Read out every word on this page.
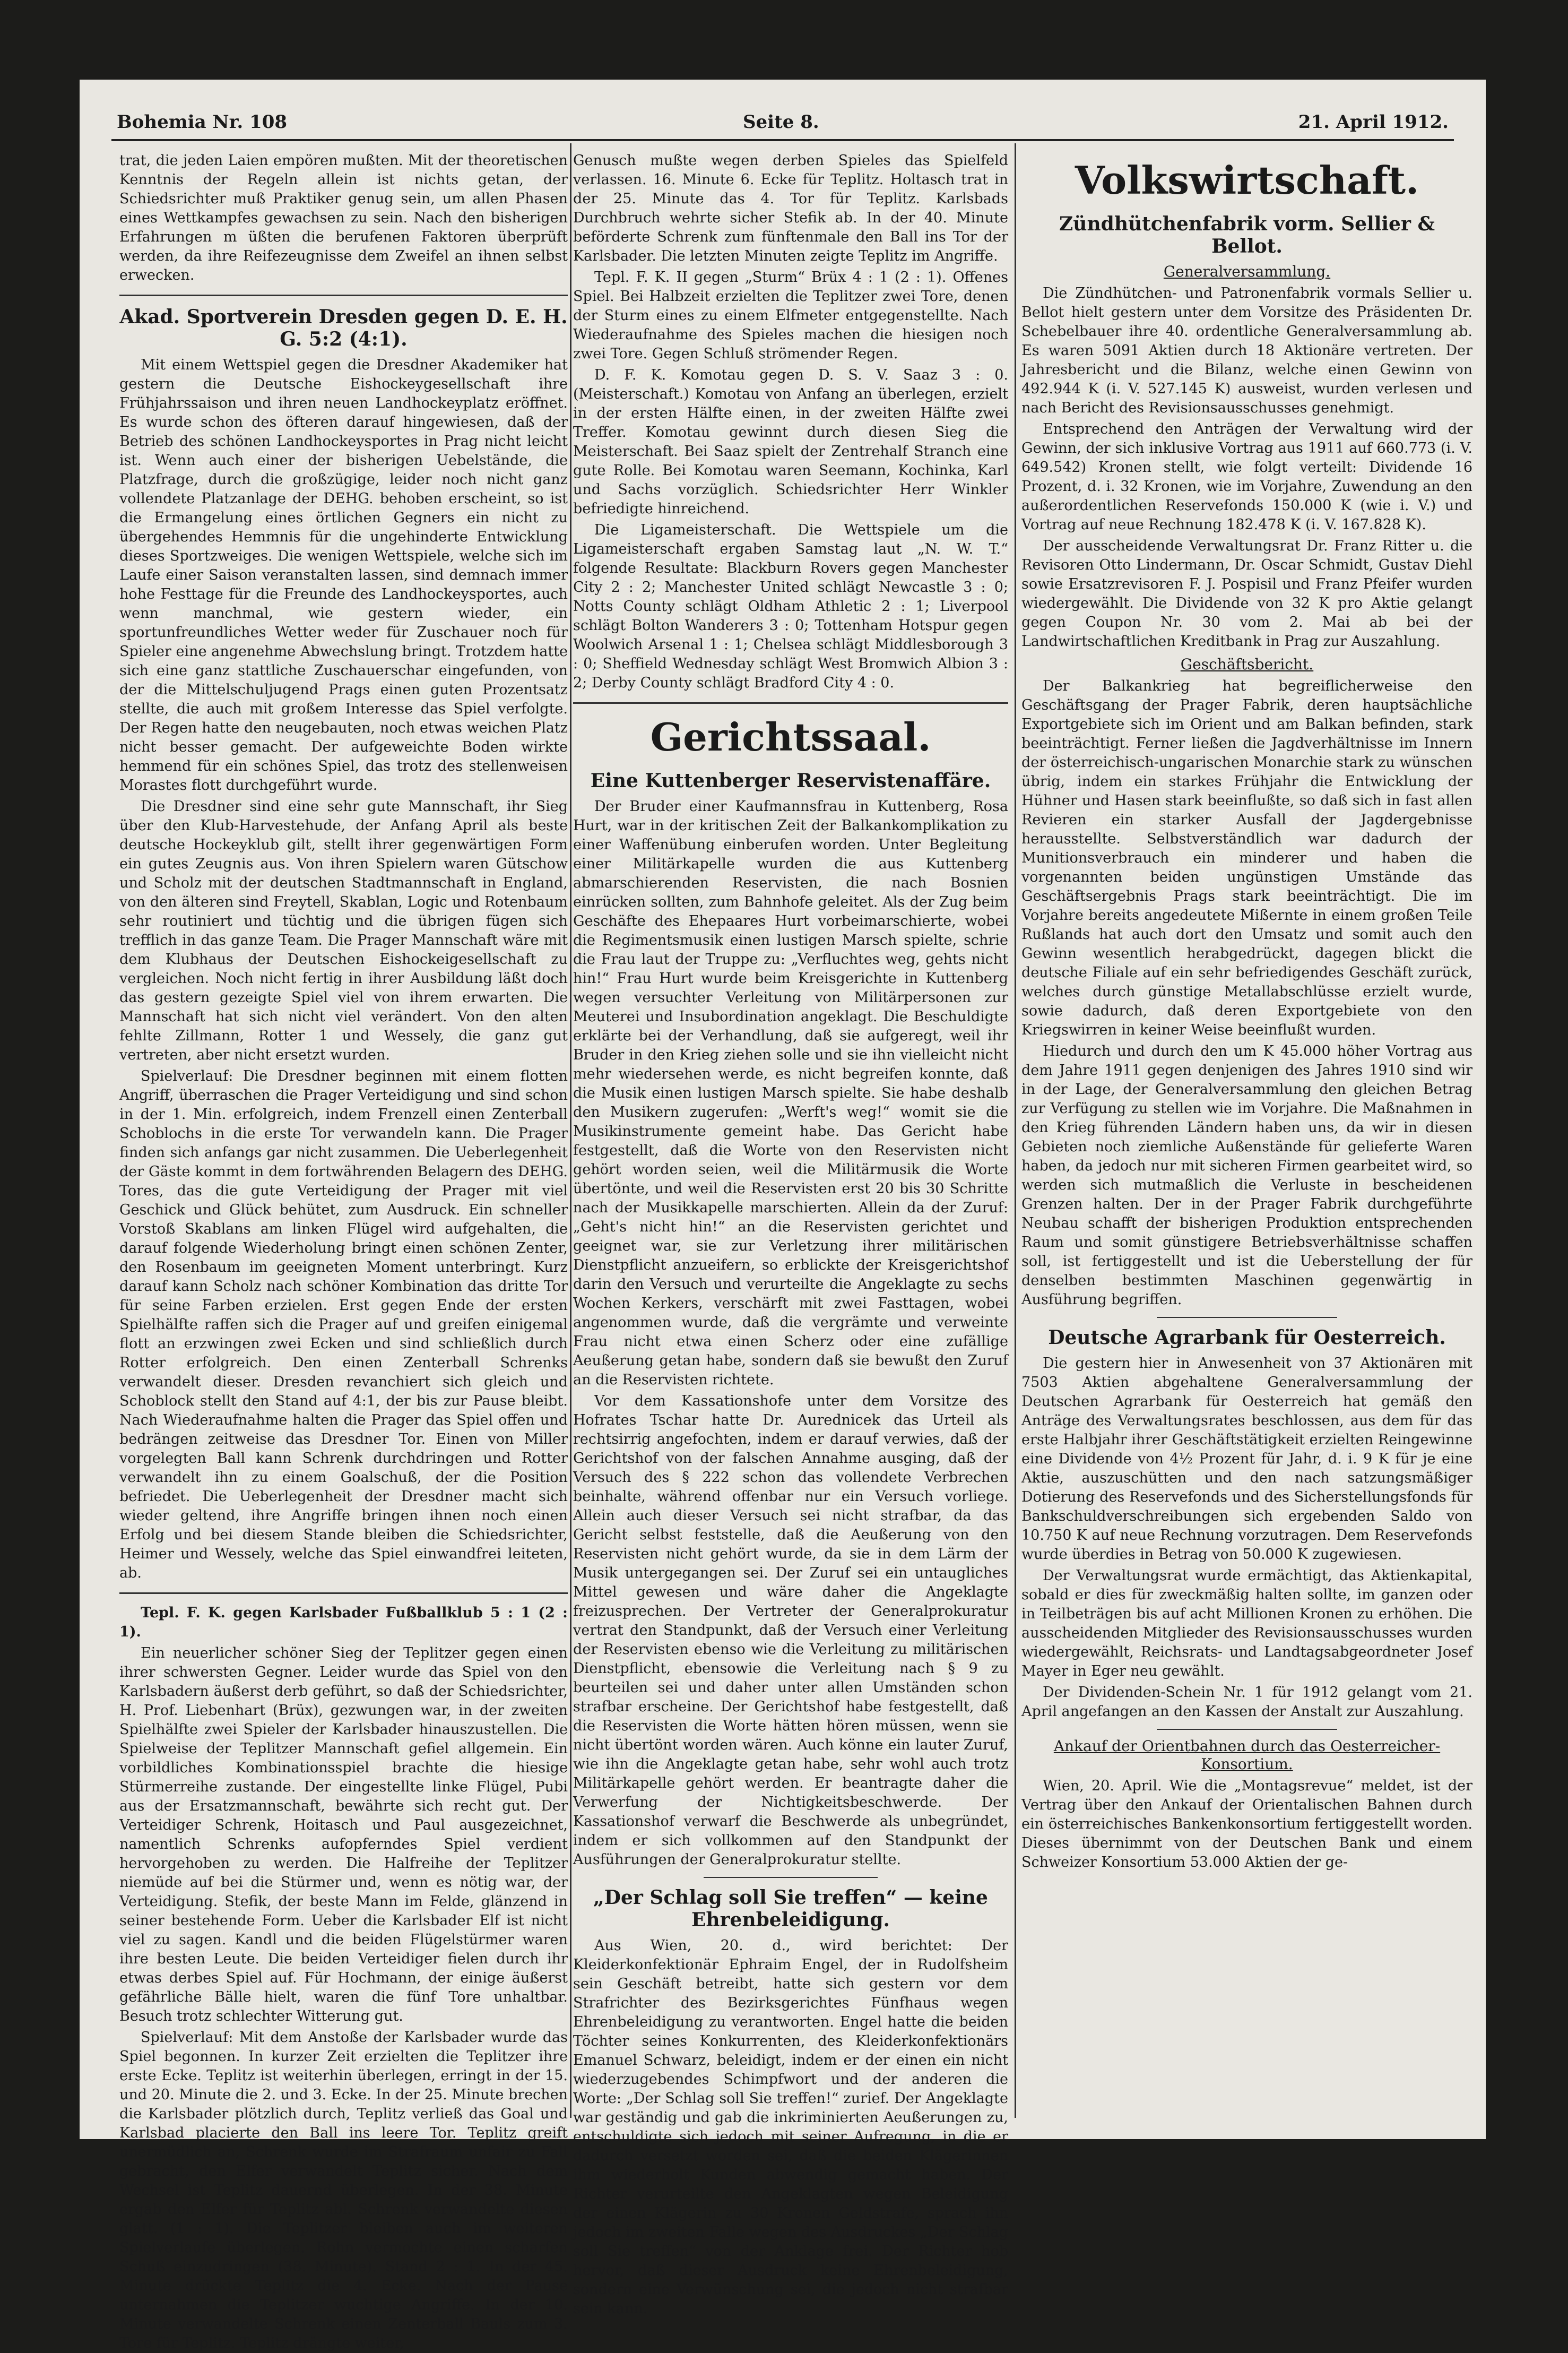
Bohemia Nr. 108	Seite 8.	21. April 1912.

trat, die jeden Laien empören mußten. Mit der theoretischen Kenntnis der Regeln allein ist nichts getan, der Schiedsrichter muß Praktiker genug sein, um allen Phasen eines Wettkampfes gewachsen zu sein. Nach den bisherigen Erfahrungen m üßten die berufenen Faktoren überprüft werden, da ihre Reifezeugnisse dem Zweifel an ihnen selbst erwecken.

Akad. Sportverein Dresden gegen D. E. H. G. 5:2 (4:1).

Mit einem Wettspiel gegen die Dresdner Akademiker hat gestern die Deutsche Eishockeygesellschaft ihre Frühjahrssaison und ihren neuen Landhockeyplatz eröffnet. Es wurde schon des öfteren darauf hingewiesen, daß der Betrieb des schönen Landhockeysportes in Prag nicht leicht ist. Wenn auch einer der bisherigen Uebelstände, die Platzfrage, durch die großzügige, leider noch nicht ganz vollendete Platzanlage der DEHG. behoben erscheint, so ist die Ermangelung eines örtlichen Gegners ein nicht zu übergehendes Hemmnis für die ungehinderte Entwicklung dieses Sportzweiges. Die wenigen Wettspiele, welche sich im Laufe einer Saison veranstalten lassen, sind demnach immer hohe Festtage für die Freunde des Landhockeysportes, auch wenn manchmal, wie gestern wieder, ein sportunfreundliches Wetter weder für Zuschauer noch für Spieler eine angenehme Abwechslung bringt. Trotzdem hatte sich eine ganz stattliche Zuschauerschar eingefunden, von der die Mittelschuljugend Prags einen guten Prozentsatz stellte, die auch mit großem Interesse das Spiel verfolgte. Der Regen hatte den neugebauten, noch etwas weichen Platz nicht besser gemacht. Der aufgeweichte Boden wirkte hemmend für ein schönes Spiel, das trotz des stellenweisen Morastes flott durchgeführt wurde.

Die Dresdner sind eine sehr gute Mannschaft, ihr Sieg über den Klub-Harvestehude, der Anfang April als beste deutsche Hockeyklub gilt, stellt ihrer gegenwärtigen Form ein gutes Zeugnis aus. Von ihren Spielern waren Gütschow und Scholz mit der deutschen Stadtmannschaft in England, von den älteren sind Freytell, Skablan, Logic und Rotenbaum sehr routiniert und tüchtig und die übrigen fügen sich trefflich in das ganze Team. Die Prager Mannschaft wäre mit dem Klubhaus der Deutschen Eishockeigesellschaft zu vergleichen. Noch nicht fertig in ihrer Ausbildung läßt doch das gestern gezeigte Spiel viel von ihrem erwarten. Die Mannschaft hat sich nicht viel verändert. Von den alten fehlte Zillmann, Rotter 1 und Wessely, die ganz gut vertreten, aber nicht ersetzt wurden.

Spielverlauf: Die Dresdner beginnen mit einem flotten Angriff, überraschen die Prager Verteidigung und sind schon in der 1. Min. erfolgreich, indem Frenzell einen Zenterball Schoblochs in die erste Tor verwandeln kann. Die Prager finden sich anfangs gar nicht zusammen. Die Ueberlegenheit der Gäste kommt in dem fortwährenden Belagern des DEHG. Tores, das die gute Verteidigung der Prager mit viel Geschick und Glück behütet, zum Ausdruck. Ein schneller Vorstoß Skablans am linken Flügel wird aufgehalten, die darauf folgende Wiederholung bringt einen schönen Zenter, den Rosenbaum im geeigneten Moment unterbringt. Kurz darauf kann Scholz nach schöner Kombination das dritte Tor für seine Farben erzielen. Erst gegen Ende der ersten Spielhälfte raffen sich die Prager auf und greifen einigemal flott an erzwingen zwei Ecken und sind schließlich durch Rotter erfolgreich. Den einen Zenterball Schrenks verwandelt dieser. Dresden revanchiert sich gleich und Schoblock stellt den Stand auf 4:1, der bis zur Pause bleibt. Nach Wiederaufnahme halten die Prager das Spiel offen und bedrängen zeitweise das Dresdner Tor. Einen von Miller vorgelegten Ball kann Schrenk durchdringen und Rotter verwandelt ihn zu einem Goalschuß, der die Position befriedet. Die Ueberlegenheit der Dresdner macht sich wieder geltend, ihre Angriffe bringen ihnen noch einen Erfolg und bei diesem Stande bleiben die Schiedsrichter, Heimer und Wessely, welche das Spiel einwandfrei leiteten, ab.

Tepl. F. K. gegen Karlsbader Fußballklub 5 : 1 (2 : 1).

Ein neuerlicher schöner Sieg der Teplitzer gegen einen ihrer schwersten Gegner. Leider wurde das Spiel von den Karlsbadern äußerst derb geführt, so daß der Schiedsrichter, H. Prof. Liebenhart (Brüx), gezwungen war, in der zweiten Spielhälfte zwei Spieler der Karlsbader hinauszustellen. Die Spielweise der Teplitzer Mannschaft gefiel allgemein. Ein vorbildliches Kombinationsspiel brachte die hiesige Stürmerreihe zustande. Der eingestellte linke Flügel, Pubi aus der Ersatzmannschaft, bewährte sich recht gut. Der Verteidiger Schrenk, Hoitasch und Paul ausgezeichnet, namentlich Schrenks aufopferndes Spiel verdient hervorgehoben zu werden. Die Halfreihe der Teplitzer niemüde auf bei die Stürmer und, wenn es nötig war, der Verteidigung. Stefik, der beste Mann im Felde, glänzend in seiner bestehende Form. Ueber die Karlsbader Elf ist nicht viel zu sagen. Kandl und die beiden Flügelstürmer waren ihre besten Leute. Die beiden Verteidiger fielen durch ihr etwas derbes Spiel auf. Für Hochmann, der einige äußerst gefährliche Bälle hielt, waren die fünf Tore unhaltbar. Besuch trotz schlechter Witterung gut.

Spielverlauf: Mit dem Anstoße der Karlsbader wurde das Spiel begonnen. In kurzer Zeit erzielten die Teplitzer ihre erste Ecke. Teplitz ist weiterhin überlegen, erringt in der 15. und 20. Minute die 2. und 3. Ecke. In der 25. Minute brechen die Karlsbader plötzlich durch, Teplitz verließ das Goal und Karlsbad placierte den Ball ins leere Tor. Teplitz greift unermüdlich an, Schrenk wurde im Strafraum unfair zu Fall gebracht, den Elfer verwandelt Teplitz sicher. Nach dem Wechsel ist Teplitz dauernd überlegen. In der 38. Minute ergab den Elfer für Teplitz abl. Schrenk verwandelte diesen glatt. (1 : 1). Die Teplitzer bleiben auch im weiteren Spielverlaufe überlegen. Rohn vermochte einen scharfen Schuß einzudringen (38. Minute). Stand 2 : 1. In der 45. Minute drückte Teplitz die 4. Ecke. Nach der Pause unternahmen die Teplitzer wuchtige Angriffe. In der 10. Minute verwandelte Schrenk einen Zenterball Bauls zum 3. Tore für Teplitz. Teplitz drängte weiter,

Genusch mußte wegen derben Spieles das Spielfeld verlassen. 16. Minute 6. Ecke für Teplitz. Holtasch trat in der 25. Minute das 4. Tor für Teplitz. Karlsbads Durchbruch wehrte sicher Stefik ab. In der 40. Minute beförderte Schrenk zum fünftenmale den Ball ins Tor der Karlsbader. Die letzten Minuten zeigte Teplitz im Angriffe.

Tepl. F. K. II gegen „Sturm“ Brüx 4 : 1 (2 : 1). Offenes Spiel. Bei Halbzeit erzielten die Teplitzer zwei Tore, denen der Sturm eines zu einem Elfmeter entgegenstellte. Nach Wiederaufnahme des Spieles machen die hiesigen noch zwei Tore. Gegen Schluß strömender Regen.

D. F. K. Komotau gegen D. S. V. Saaz 3 : 0. (Meisterschaft.) Komotau von Anfang an überlegen, erzielt in der ersten Hälfte einen, in der zweiten Hälfte zwei Treffer. Komotau gewinnt durch diesen Sieg die Meisterschaft. Bei Saaz spielt der Zentrehalf Stranch eine gute Rolle. Bei Komotau waren Seemann, Kochinka, Karl und Sachs vorzüglich. Schiedsrichter Herr Winkler befriedigte hinreichend.

Die Ligameisterschaft. Die Wettspiele um die Ligameisterschaft ergaben Samstag laut „N. W. T.“ folgende Resultate: Blackburn Rovers gegen Manchester City 2 : 2; Manchester United schlägt Newcastle 3 : 0; Notts County schlägt Oldham Athletic 2 : 1; Liverpool schlägt Bolton Wanderers 3 : 0; Tottenham Hotspur gegen Woolwich Arsenal 1 : 1; Chelsea schlägt Middlesborough 3 : 0; Sheffield Wednesday schlägt West Bromwich Albion 3 : 2; Derby County schlägt Bradford City 4 : 0.

Gerichtssaal.
Eine Kuttenberger Reservistenaffäre.

Der Bruder einer Kaufmannsfrau in Kuttenberg, Rosa Hurt, war in der kritischen Zeit der Balkankomplikation zu einer Waffenübung einberufen worden. Unter Begleitung einer Militärkapelle wurden die aus Kuttenberg abmarschierenden Reservisten, die nach Bosnien einrücken sollten, zum Bahnhofe geleitet. Als der Zug beim Geschäfte des Ehepaares Hurt vorbeimarschierte, wobei die Regimentsmusik einen lustigen Marsch spielte, schrie die Frau laut der Truppe zu: „Verfluchtes weg, gehts nicht hin!“ Frau Hurt wurde beim Kreisgerichte in Kuttenberg wegen versuchter Verleitung von Militärpersonen zur Meuterei und Insubordination angeklagt. Die Beschuldigte erklärte bei der Verhandlung, daß sie aufgeregt, weil ihr Bruder in den Krieg ziehen solle und sie ihn vielleicht nicht mehr wiedersehen werde, es nicht begreifen konnte, daß die Musik einen lustigen Marsch spielte. Sie habe deshalb den Musikern zugerufen: „Werft's weg!“ womit sie die Musikinstrumente gemeint habe. Das Gericht habe festgestellt, daß die Worte von den Reservisten nicht gehört worden seien, weil die Militärmusik die Worte übertönte, und weil die Reservisten erst 20 bis 30 Schritte nach der Musikkapelle marschierten. Allein da der Zuruf: „Geht's nicht hin!“ an die Reservisten gerichtet und geeignet war, sie zur Verletzung ihrer militärischen Dienstpflicht anzueifern, so erblickte der Kreisgerichtshof darin den Versuch und verurteilte die Angeklagte zu sechs Wochen Kerkers, verschärft mit zwei Fasttagen, wobei angenommen wurde, daß die vergrämte und verweinte Frau nicht etwa einen Scherz oder eine zufällige Aeußerung getan habe, sondern daß sie bewußt den Zuruf an die Reservisten richtete.

Vor dem Kassationshofe unter dem Vorsitze des Hofrates Tschar hatte Dr. Aurednicek das Urteil als rechtsirrig angefochten, indem er darauf verwies, daß der Gerichtshof von der falschen Annahme ausging, daß der Versuch des § 222 schon das vollendete Verbrechen beinhalte, während offenbar nur ein Versuch vorliege. Allein auch dieser Versuch sei nicht strafbar, da das Gericht selbst feststelle, daß die Aeußerung von den Reservisten nicht gehört wurde, da sie in dem Lärm der Musik untergegangen sei. Der Zuruf sei ein untaugliches Mittel gewesen und wäre daher die Angeklagte freizusprechen. Der Vertreter der Generalprokuratur vertrat den Standpunkt, daß der Versuch einer Verleitung der Reservisten ebenso wie die Verleitung zu militärischen Dienstpflicht, ebensowie die Verleitung nach § 9 zu beurteilen sei und daher unter allen Umständen schon strafbar erscheine. Der Gerichtshof habe festgestellt, daß die Reservisten die Worte hätten hören müssen, wenn sie nicht übertönt worden wären. Auch könne ein lauter Zuruf, wie ihn die Angeklagte getan habe, sehr wohl auch trotz Militärkapelle gehört werden. Er beantragte daher die Verwerfung der Nichtigkeitsbeschwerde. Der Kassationshof verwarf die Beschwerde als unbegründet, indem er sich vollkommen auf den Standpunkt der Ausführungen der Generalprokuratur stellte.

„Der Schlag soll Sie treffen“ — keine Ehrenbeleidigung.

Aus Wien, 20. d., wird berichtet: Der Kleiderkonfektionär Ephraim Engel, der in Rudolfsheim sein Geschäft betreibt, hatte sich gestern vor dem Strafrichter des Bezirksgerichtes Fünfhaus wegen Ehrenbeleidigung zu verantworten. Engel hatte die beiden Töchter seines Konkurrenten, des Kleiderkonfektionärs Emanuel Schwarz, beleidigt, indem er der einen ein nicht wiederzugebendes Schimpfwort und der anderen die Worte: „Der Schlag soll Sie treffen!“ zurief. Der Angeklagte war geständig und gab die inkriminierten Aeußerungen zu, entschuldigte sich jedoch mit seiner Aufregung, in die er dadurch versetzt worden sei, daß die beiden Klägerinnen ihm wiederholt Kunden abwendig gemacht haben. Der Richter verurteilte den Angeklagten wegen Beleidigung der einen Klägerin zu 30 Kronen Geldstrafe, sprach ihn jedoch im zweiten Falle wegen des Ausdruckes „Der Schlag soll Sie treffen“ von der Anklage frei. Der Richter hob hervor, daß dieser Ausdruck keine Ehrenbeleidigung, sondern eine Verwünschung sei, die jedoch nicht strafbar sein kann.

Volkswirtschaft.
Zündhütchenfabrik vorm. Sellier & Bellot.
Generalversammlung.

Die Zündhütchen- und Patronenfabrik vormals Sellier u. Bellot hielt gestern unter dem Vorsitze des Präsidenten Dr. Schebelbauer ihre 40. ordentliche Generalversammlung ab. Es waren 5091 Aktien durch 18 Aktionäre vertreten. Der Jahresbericht und die Bilanz, welche einen Gewinn von 492.944 K (i. V. 527.145 K) ausweist, wurden verlesen und nach Bericht des Revisionsausschusses genehmigt.

Entsprechend den Anträgen der Verwaltung wird der Gewinn, der sich inklusive Vortrag aus 1911 auf 660.773 (i. V. 649.542) Kronen stellt, wie folgt verteilt: Dividende 16 Prozent, d. i. 32 Kronen, wie im Vorjahre, Zuwendung an den außerordentlichen Reservefonds 150.000 K (wie i. V.) und Vortrag auf neue Rechnung 182.478 K (i. V. 167.828 K).

Der ausscheidende Verwaltungsrat Dr. Franz Ritter u. die Revisoren Otto Lindermann, Dr. Oscar Schmidt, Gustav Diehl sowie Ersatzrevisoren F. J. Pospisil und Franz Pfeifer wurden wiedergewählt. Die Dividende von 32 K pro Aktie gelangt gegen Coupon Nr. 30 vom 2. Mai ab bei der Landwirtschaftlichen Kreditbank in Prag zur Auszahlung.

Geschäftsbericht.

Der Balkankrieg hat begreiflicherweise den Geschäftsgang der Prager Fabrik, deren hauptsächliche Exportgebiete sich im Orient und am Balkan befinden, stark beeinträchtigt. Ferner ließen die Jagdverhältnisse im Innern der österreichisch-ungarischen Monarchie stark zu wünschen übrig, indem ein starkes Frühjahr die Entwicklung der Hühner und Hasen stark beeinflußte, so daß sich in fast allen Revieren ein starker Ausfall der Jagdergebnisse herausstellte. Selbstverständlich war dadurch der Munitionsverbrauch ein minderer und haben die vorgenannten beiden ungünstigen Umstände das Geschäftsergebnis Prags stark beeinträchtigt. Die im Vorjahre bereits angedeutete Mißernte in einem großen Teile Rußlands hat auch dort den Umsatz und somit auch den Gewinn wesentlich herabgedrückt, dagegen blickt die deutsche Filiale auf ein sehr befriedigendes Geschäft zurück, welches durch günstige Metallabschlüsse erzielt wurde, sowie dadurch, daß deren Exportgebiete von den Kriegswirren in keiner Weise beeinflußt wurden.

Hiedurch und durch den um K 45.000 höher Vortrag aus dem Jahre 1911 gegen denjenigen des Jahres 1910 sind wir in der Lage, der Generalversammlung den gleichen Betrag zur Verfügung zu stellen wie im Vorjahre. Die Maßnahmen in den Krieg führenden Ländern haben uns, da wir in diesen Gebieten noch ziemliche Außenstände für gelieferte Waren haben, da jedoch nur mit sicheren Firmen gearbeitet wird, so werden sich mutmaßlich die Verluste in bescheidenen Grenzen halten. Der in der Prager Fabrik durchgeführte Neubau schafft der bisherigen Produktion entsprechenden Raum und somit günstigere Betriebsverhältnisse schaffen soll, ist fertiggestellt und ist die Ueberstellung der für denselben bestimmten Maschinen gegenwärtig in Ausführung begriffen.

Deutsche Agrarbank für Oesterreich.

Die gestern hier in Anwesenheit von 37 Aktionären mit 7503 Aktien abgehaltene Generalversammlung der Deutschen Agrarbank für Oesterreich hat gemäß den Anträge des Verwaltungsrates beschlossen, aus dem für das erste Halbjahr ihrer Geschäftstätigkeit erzielten Reingewinne eine Dividende von 4½ Prozent für Jahr, d. i. 9 K für je eine Aktie, auszuschütten und den nach satzungsmäßiger Dotierung des Reservefonds und des Sicherstellungsfonds für Bankschuldverschreibungen sich ergebenden Saldo von 10.750 K auf neue Rechnung vorzutragen. Dem Reservefonds wurde überdies in Betrag von 50.000 K zugewiesen.

Der Verwaltungsrat wurde ermächtigt, das Aktienkapital, sobald er dies für zweckmäßig halten sollte, im ganzen oder in Teilbeträgen bis auf acht Millionen Kronen zu erhöhen. Die ausscheidenden Mitglieder des Revisionsausschusses wurden wiedergewählt, Reichsrats- und Landtagsabgeordneter Josef Mayer in Eger neu gewählt.

Der Dividenden-Schein Nr. 1 für 1912 gelangt vom 21. April angefangen an den Kassen der Anstalt zur Auszahlung.

Ankauf der Orientbahnen durch das Oesterreicher-Konsortium.

Wien, 20. April. Wie die „Montagsrevue“ meldet, ist der Vertrag über den Ankauf der Orientalischen Bahnen durch ein österreichisches Bankenkonsortium fertiggestellt worden. Dieses übernimmt von der Deutschen Bank und einem Schweizer Konsortium 53.000 Aktien der ge-
